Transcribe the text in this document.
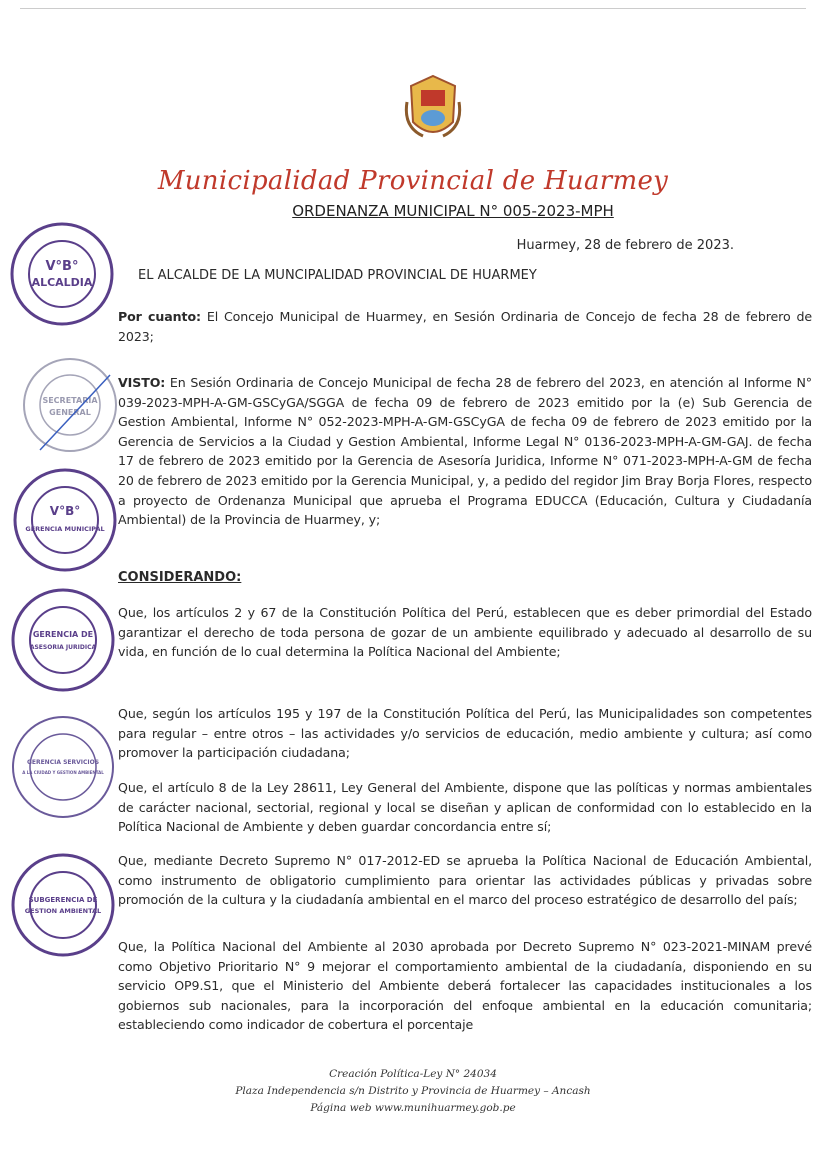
Municipalidad Provincial de Huarmey
ORDENANZA MUNICIPAL N° 005-2023-MPH
Huarmey, 28 de febrero de 2023.
EL ALCALDE DE LA MUNCIPALIDAD PROVINCIAL DE HUARMEY
Por cuanto: El Concejo Municipal de Huarmey, en Sesión Ordinaria de Concejo de fecha 28 de febrero de 2023;
VISTO: En Sesión Ordinaria de Concejo Municipal de fecha 28 de febrero del 2023, en atención al Informe N° 039-2023-MPH-A-GM-GSCyGA/SGGA de fecha 09 de febrero de 2023 emitido por la (e) Sub Gerencia de Gestion Ambiental, Informe N° 052-2023-MPH-A-GM-GSCyGA de fecha 09 de febrero de 2023 emitido por la Gerencia de Servicios a la Ciudad y Gestion Ambiental, Informe Legal N° 0136-2023-MPH-A-GM-GAJ. de fecha 17 de febrero de 2023 emitido por la Gerencia de Asesoría Juridica, Informe N° 071-2023-MPH-A-GM de fecha 20 de febrero de 2023 emitido por la Gerencia Municipal, y, a pedido del regidor Jim Bray Borja Flores, respecto a proyecto de Ordenanza Municipal que aprueba el Programa EDUCCA (Educación, Cultura y Ciudadanía Ambiental) de la Provincia de Huarmey, y;
CONSIDERANDO:
Que, los artículos 2 y 67 de la Constitución Política del Perú, establecen que es deber primordial del Estado garantizar el derecho de toda persona de gozar de un ambiente equilibrado y adecuado al desarrollo de su vida, en función de lo cual determina la Política Nacional del Ambiente;
Que, según los artículos 195 y 197 de la Constitución Política del Perú, las Municipalidades son competentes para regular – entre otros – las actividades y/o servicios de educación, medio ambiente y cultura; así como promover la participación ciudadana;
Que, el artículo 8 de la Ley 28611, Ley General del Ambiente, dispone que las políticas y normas ambientales de carácter nacional, sectorial, regional y local se diseñan y aplican de conformidad con lo establecido en la Política Nacional de Ambiente y deben guardar concordancia entre sí;
Que, mediante Decreto Supremo N° 017-2012-ED se aprueba la Política Nacional de Educación Ambiental, como instrumento de obligatorio cumplimiento para orientar las actividades públicas y privadas sobre promoción de la cultura y la ciudadanía ambiental en el marco del proceso estratégico de desarrollo del país;
Que, la Política Nacional del Ambiente al 2030 aprobada por Decreto Supremo N° 023-2021-MINAM prevé como Objetivo Prioritario N° 9 mejorar el comportamiento ambiental de la ciudadanía, disponiendo en su servicio OP9.S1, que el Ministerio del Ambiente deberá fortalecer las capacidades institucionales a los gobiernos sub nacionales, para la incorporación del enfoque ambiental en la educación comunitaria; estableciendo como indicador de cobertura el porcentaje
Creación Política-Ley N° 24034
Plaza Independencia s/n Distrito y Provincia de Huarmey – Ancash
Página web www.munihuarmey.gob.pe
V°B°
ALCALDIA
SECRETARIA
GENERAL
V°B°
GERENCIA MUNICIPAL
GERENCIA DE
ASESORIA JURIDICA
GERENCIA SERVICIOS
A LA CIUDAD Y GESTION AMBIENTAL
SUBGERENCIA DE
GESTION AMBIENTAL
